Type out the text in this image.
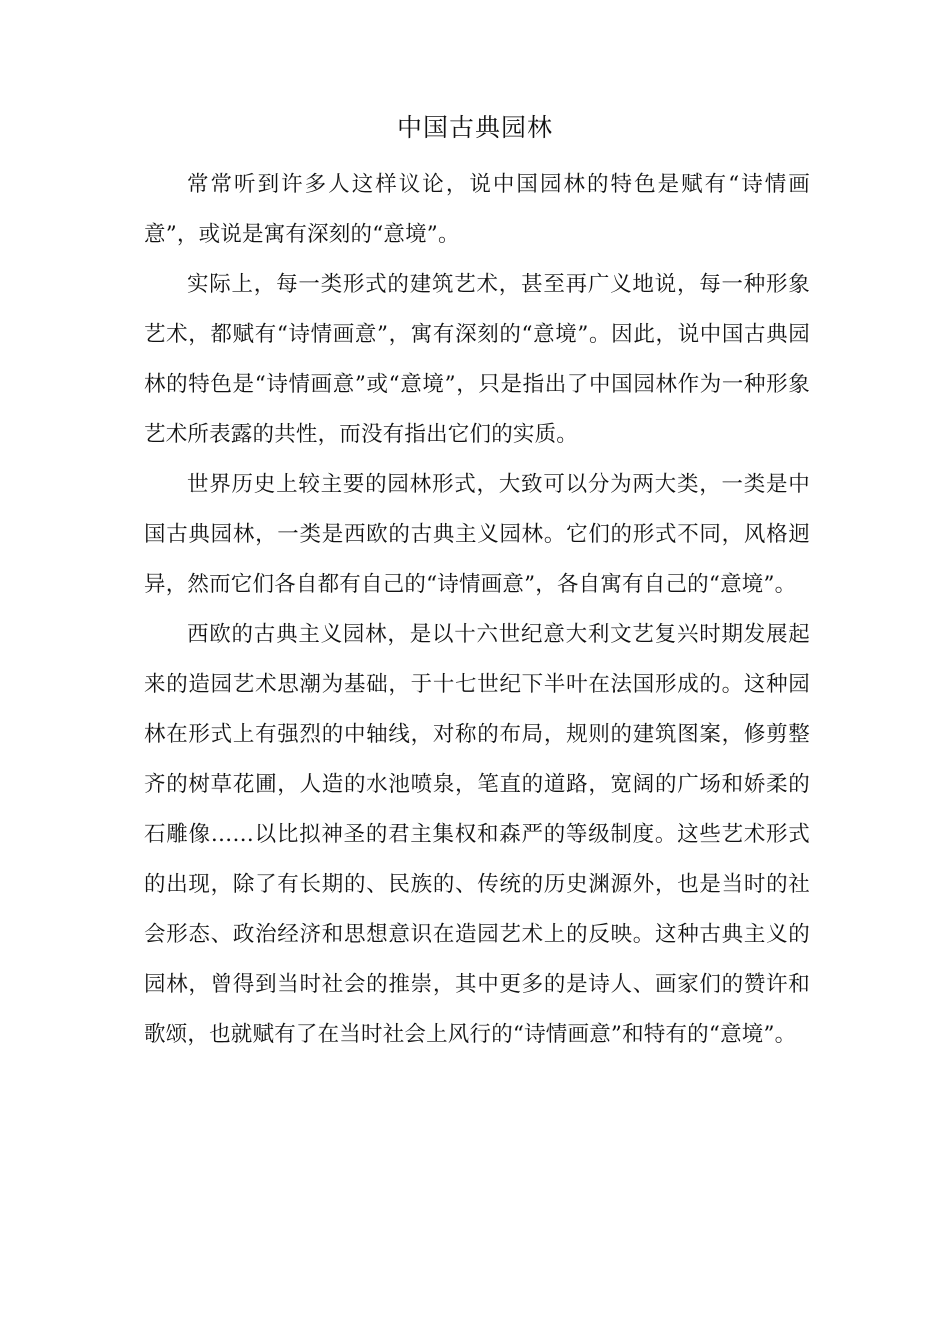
中国古典园林

常常听到许多人这样议论，说中国园林的特色是赋有“诗情画意”，或说是寓有深刻的“意境”。

实际上，每一类形式的建筑艺术，甚至再广义地说，每一种形象艺术，都赋有“诗情画意”，寓有深刻的“意境”。因此，说中国古典园林的特色是“诗情画意”或“意境”，只是指出了中国园林作为一种形象艺术所表露的共性，而没有指出它们的实质。

世界历史上较主要的园林形式，大致可以分为两大类，一类是中国古典园林，一类是西欧的古典主义园林。它们的形式不同，风格迥异，然而它们各自都有自己的“诗情画意”，各自寓有自己的“意境”。

西欧的古典主义园林，是以十六世纪意大利文艺复兴时期发展起来的造园艺术思潮为基础，于十七世纪下半叶在法国形成的。这种园林在形式上有强烈的中轴线，对称的布局，规则的建筑图案，修剪整齐的树草花圃，人造的水池喷泉，笔直的道路，宽阔的广场和娇柔的石雕像……以比拟神圣的君主集权和森严的等级制度。这些艺术形式的出现，除了有长期的、民族的、传统的历史渊源外，也是当时的社会形态、政治经济和思想意识在造园艺术上的反映。这种古典主义的园林，曾得到当时社会的推崇，其中更多的是诗人、画家们的赞许和歌颂，也就赋有了在当时社会上风行的“诗情画意”和特有的“意境”。
